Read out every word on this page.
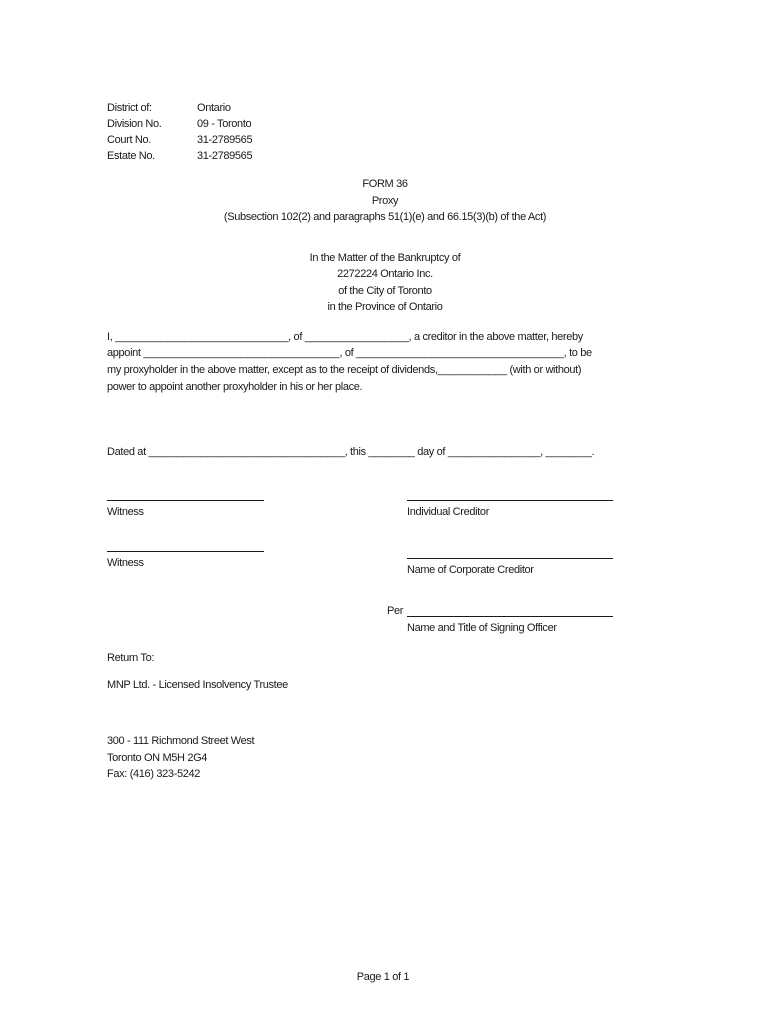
District of:	Ontario
Division No.	09 - Toronto
Court No.	31-2789565
Estate No.	31-2789565
FORM 36
Proxy
(Subsection 102(2) and paragraphs 51(1)(e) and 66.15(3)(b) of the Act)
In the Matter of the Bankruptcy of
2272224 Ontario Inc.
of the City of Toronto
in the Province of Ontario
I, ______________________________, of __________________, a creditor in the above matter, hereby
appoint __________________________________, of ____________________________________, to be
my proxyholder in the above matter, except as to the receipt of dividends,____________ (with or without)
power to appoint another proxyholder in his or her place.
Dated at __________________________________, this ________ day of ________________, ________.
Witness	Individual Creditor
Witness
Name of Corporate Creditor
Per
Name and Title of Signing Officer
Return To:
MNP Ltd. - Licensed Insolvency Trustee
300 - 111 Richmond Street West
Toronto ON M5H 2G4
Fax: (416) 323-5242
Page 1 of 1
